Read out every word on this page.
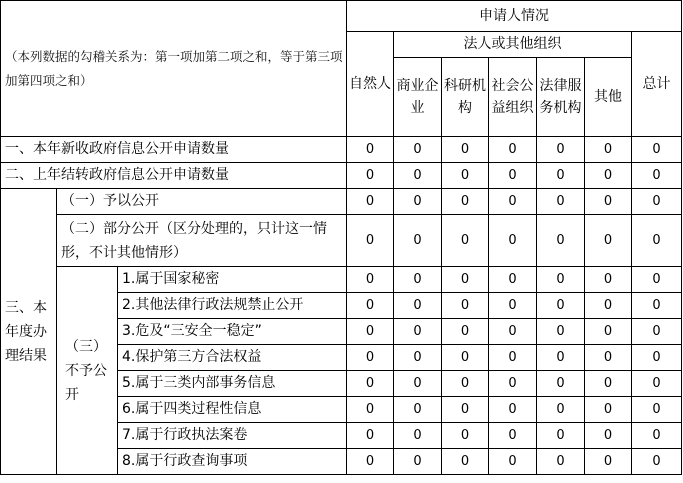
（本列数据的勾稽关系为：第一项加第二项之和，等于第三项加第四项之和）			申请人情况						
			自然人	法人或其他组织					总计
				商业企业	科研机构	社会公益组织	法律服务机构	其他	

一、本年新收政府信息公开申请数量			0	0	0	0	0	0	0
二、上年结转政府信息公开申请数量			0	0	0	0	0	0	0
三、本年度办理结果	（一）予以公开		0	0	0	0	0	0	0
	（二）部分公开（区分处理的，只计这一情形，不计其他情形）		0	0	0	0	0	0	0
	（三）不予公开	1.属于国家秘密	0	0	0	0	0	0	0
		2.其他法律行政法规禁止公开	0	0	0	0	0	0	0
		3.危及“三安全一稳定”	0	0	0	0	0	0	0
		4.保护第三方合法权益	0	0	0	0	0	0	0
		5.属于三类内部事务信息	0	0	0	0	0	0	0
		6.属于四类过程性信息	0	0	0	0	0	0	0
		7.属于行政执法案卷	0	0	0	0	0	0	0
		8.属于行政查询事项	0	0	0	0	0	0	0
